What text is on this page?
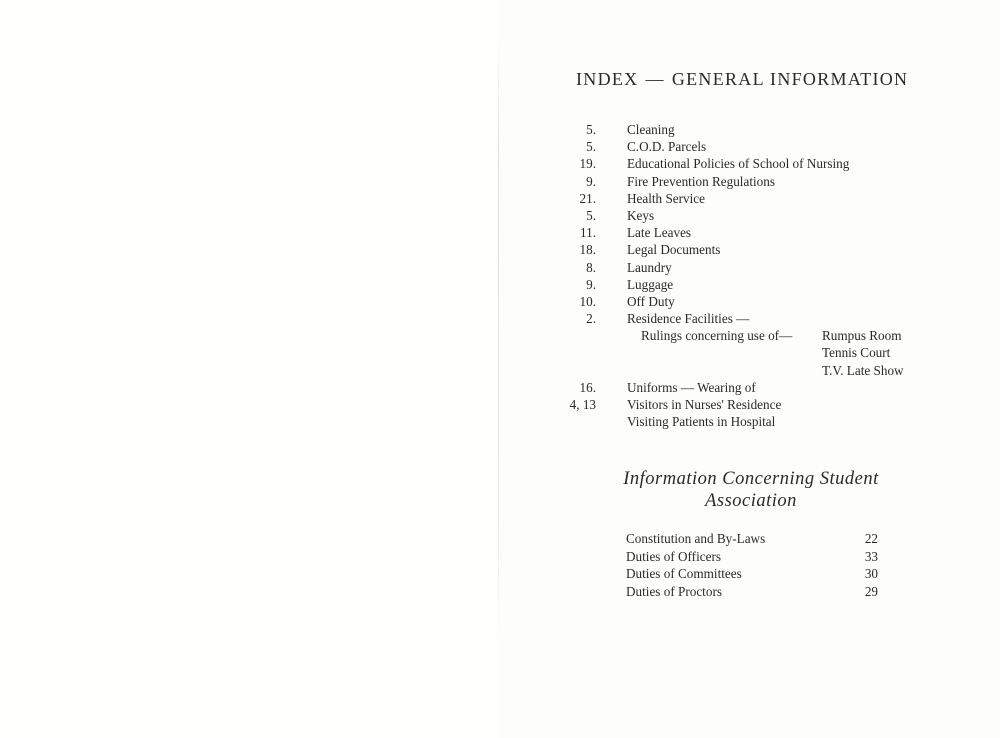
INDEX — GENERAL INFORMATION
5. Cleaning
5. C.O.D. Parcels
19. Educational Policies of School of Nursing
9. Fire Prevention Regulations
21. Health Service
5. Keys
11. Late Leaves
18. Legal Documents
8. Laundry
9. Luggage
10. Off Duty
2. Residence Facilities —
Rulings concerning use of— Rumpus Room
Tennis Court
T.V. Late Show
16. Uniforms — Wearing of
4, 13 Visitors in Nurses' Residence
Visiting Patients in Hospital
Information Concerning Student
Association
Constitution and By-Laws	22
Duties of Officers	33
Duties of Committees	30
Duties of Proctors	29
